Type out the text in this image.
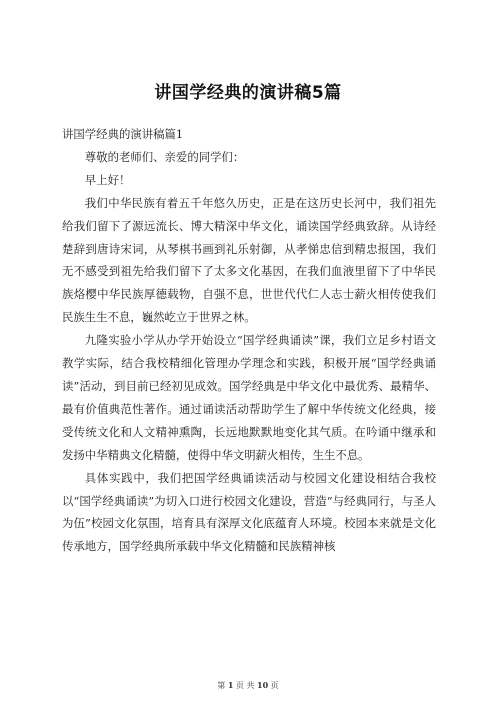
讲国学经典的演讲稿5篇

讲国学经典的演讲稿篇1

尊敬的老师们、亲爱的同学们：

早上好！

我们中华民族有着五千年悠久历史，正是在这历史长河中，我们祖先给我们留下了源远流长、博大精深中华文化，诵读国学经典致辞。从诗经楚辞到唐诗宋词，从琴棋书画到礼乐射御，从孝悌忠信到精忠报国，我们无不感受到祖先给我们留下了太多文化基因，在我们血液里留下了中华民族烙樱中华民族厚德载物，自强不息，世世代代仁人志士薪火相传使我们民族生生不息，巍然屹立于世界之林。

九隆实验小学从办学开始设立“国学经典诵读”课，我们立足乡村语文教学实际，结合我校精细化管理办学理念和实践，积极开展“国学经典诵读”活动，到目前已经初见成效。国学经典是中华文化中最优秀、最精华、最有价值典范性著作。通过诵读活动帮助学生了解中华传统文化经典，接受传统文化和人文精神熏陶，长远地默默地变化其气质。在吟诵中继承和发扬中华精典文化精髓，使得中华文明薪火相传，生生不息。

具体实践中，我们把国学经典诵读活动与校园文化建设相结合我校以“国学经典诵读”为切入口进行校园文化建设，营造“与经典同行，与圣人为伍”校园文化氛围，培育具有深厚文化底蕴育人环境。校园本来就是文化传承地方，国学经典所承载中华文化精髓和民族精神核

第 1 页 共 10 页
